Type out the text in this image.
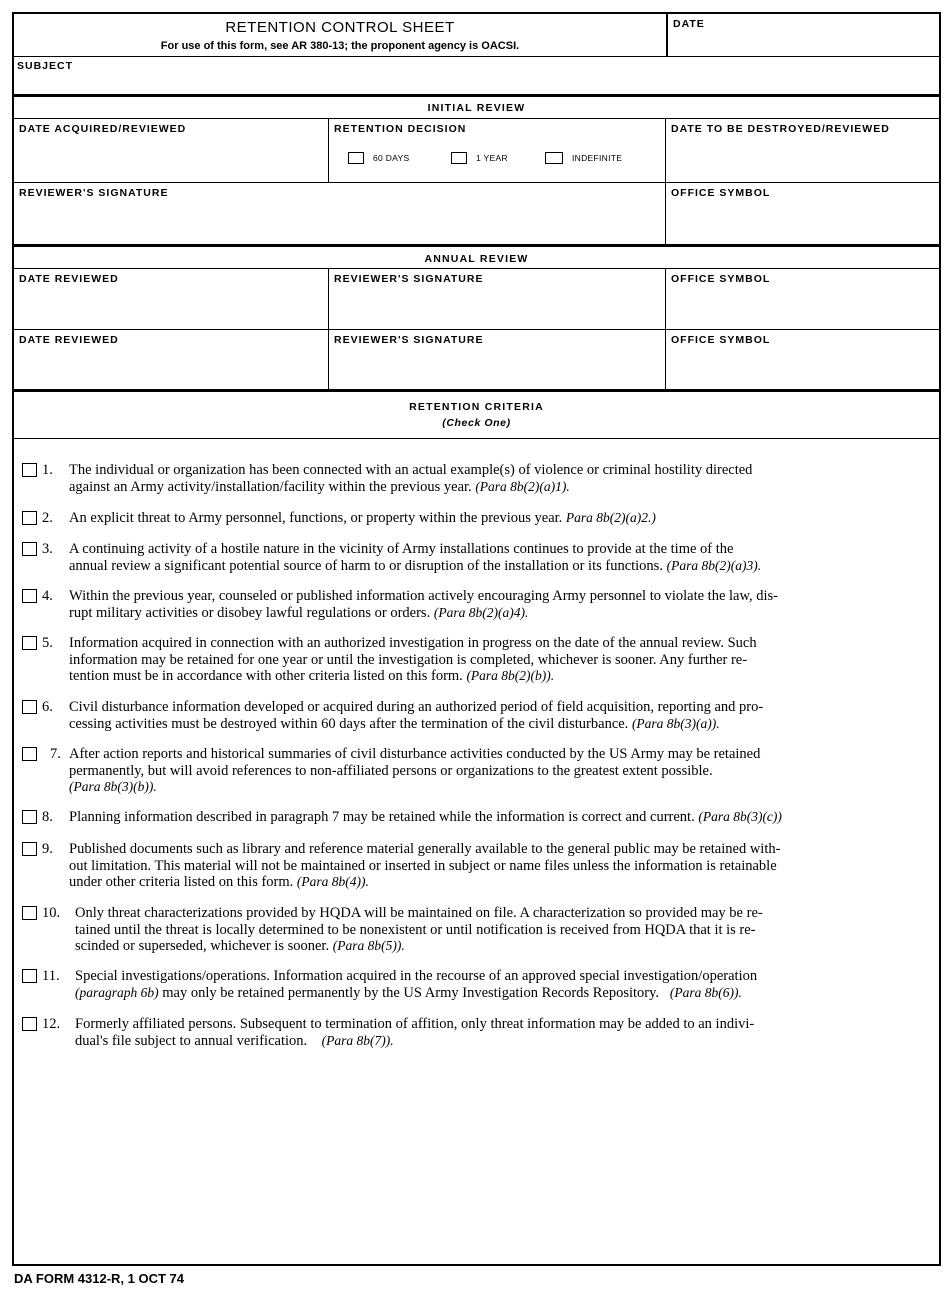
RETENTION CONTROL SHEET
For use of this form, see AR 380-13; the proponent agency is OACSI.
DATE
SUBJECT
INITIAL REVIEW
DATE ACQUIRED/REVIEWED	RETENTION DECISION
60 DAYS	1 YEAR	INDEFINITE
DATE TO BE DESTROYED/REVIEWED
REVIEWER'S SIGNATURE	OFFICE SYMBOL
ANNUAL REVIEW
DATE REVIEWED	REVIEWER'S SIGNATURE	OFFICE SYMBOL
DATE REVIEWED	REVIEWER'S SIGNATURE	OFFICE SYMBOL
RETENTION CRITERIA
(Check One)
1. The individual or organization has been connected with an actual example(s) of violence or criminal hostility directed
against an Army activity/installation/facility within the previous year. (Para 8b(2)(a)1).
2. An explicit threat to Army personnel, functions, or property within the previous year. Para 8b(2)(a)2.)
3. A continuing activity of a hostile nature in the vicinity of Army installations continues to provide at the time of the
annual review a significant potential source of harm to or disruption of the installation or its functions. (Para 8b(2)(a)3).
4. Within the previous year, counseled or published information actively encouraging Army personnel to violate the law, dis-
rupt military activities or disobey lawful regulations or orders. (Para 8b(2)(a)4).
5. Information acquired in connection with an authorized investigation in progress on the date of the annual review. Such
information may be retained for one year or until the investigation is completed, whichever is sooner. Any further re-
tention must be in accordance with other criteria listed on this form. (Para 8b(2)(b)).
6. Civil disturbance information developed or acquired during an authorized period of field acquisition, reporting and pro-
cessing activities must be destroyed within 60 days after the termination of the civil disturbance. (Para 8b(3)(a)).
7. After action reports and historical summaries of civil disturbance activities conducted by the US Army may be retained
permanently, but will avoid references to non-affiliated persons or organizations to the greatest extent possible.
(Para 8b(3)(b)).
8. Planning information described in paragraph 7 may be retained while the information is correct and current. (Para 8b(3)(c))
9. Published documents such as library and reference material generally available to the general public may be retained with-
out limitation. This material will not be maintained or inserted in subject or name files unless the information is retainable
under other criteria listed on this form. (Para 8b(4)).
10. Only threat characterizations provided by HQDA will be maintained on file. A characterization so provided may be re-
tained until the threat is locally determined to be nonexistent or until notification is received from HQDA that it is re-
scinded or superseded, whichever is sooner. (Para 8b(5)).
11. Special investigations/operations. Information acquired in the recourse of an approved special investigation/operation
(paragraph 6b) may only be retained permanently by the US Army Investigation Records Repository. (Para 8b(6)).
12. Formerly affiliated persons. Subsequent to termination of affition, only threat information may be added to an indivi-
dual's file subject to annual verification. (Para 8b(7)).
DA FORM 4312-R, 1 OCT 74
